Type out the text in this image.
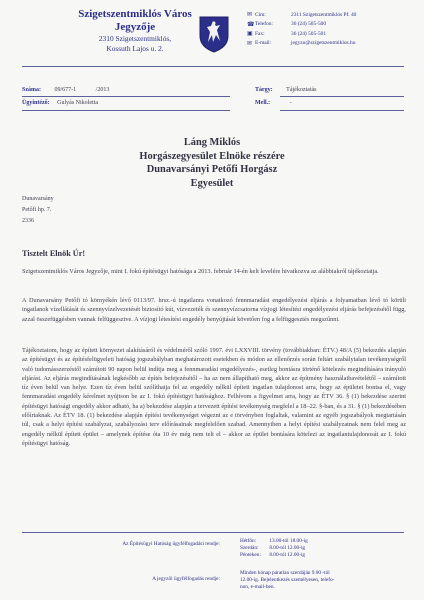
Szigetszentmiklós Város
Jegyzője
2310 Szigetszentmiklós,
Kossuth Lajos u. 2.
✉ Cím:	2311 Szigetszentmiklós Pf. 40
☎ Telefon:	36 (24) 505-500
▣ Fax:	36 (24) 505-501
✉ E-mail:	jegyzo@szigetszentmiklos.hu
Száma: 09/677-1	/2013	Tárgy: Tájékoztatás
Ügyintéző: Gulyás Nikoletta	Mell.:	-
Láng Miklós
Horgászegyesület Elnöke részére
Dunavarsányi Petőfi Horgász
Egyesület
Dunavarsány
Petőfi hp. 7.
2336
Tisztelt Elnök Úr!
Szigetszentmiklós Város Jegyzője, mint I. fokú építésügyi hatósága a 2013. február 14-én kelt levelére hivatkozva az alábbiakról tájékoztatja.
A Dunavarsány Petőfi tó környékén lévő 0113/97. hrsz.-ú ingatlanra vonatkozó fennmaradási engedélyezési eljárás a folyamatban lévő tó körüli ingatlanok vízellátását és szennyvízelvezetését biztosító kút, vízvezeték és szennyvízcsatorna vízjogi létesítési engedélyezési eljárás befejezésétől függ, azzal összefüggésben vannak felfüggesztve. A vízjogi létesítési engedély benyújtását követően fog a felfüggesztés megszűnni.
Tájékoztatom, hogy az épített környezet alakításáról és védelméről szóló 1997. évi LXXVIII. törvény (továbbiakban: ÉTV.) 48/A (5) bekezdés alapján az építésügyi és az építésfelügyeleti hatóság jogszabályban meghatározott esetekben és módon az ellenőrzés során feltárt szabálytalan tevékenységről való tudomásszerzéstől számított 90 napon belül indítja meg a fennmaradási engedélyezés-, esetleg bontásra történő kötelezés megindítására irányuló eljárást. Az eljárás megindításának legkésőbb az építés befejezésétől – ha az nem állapítható meg, akkor az építmény használatbavételétől – számított tíz éven belül van helye. Ezen tíz éven belül szólíthatja fel az engedély nélkül épített ingatlan tulajdonost arra, hogy az épületet bontsa el, vagy fennmaradási engedély kérelmet nyújtson be az I. fokú építésügyi hatósághoz. Felhívom a figyelmet arra, hogy az ÉTV 36. § (1) bekezdése szerint építésügyi hatósági engedély akkor adható, ha a) bekezdése alapján a tervezett építési tevékenység megfelel a 18–22. §-ban, és a 31. § (1) bekezdésében előírtaknak. Az ÉTV 18. (1) bekezdése alapján építési tevékenységet végezni az e törvényben foglaltak, valamint az egyéb jogszabályok megtartásán túl, csak a helyi építési szabályzat, szabályozási terv előírásainak megfelelően szabad. Amennyiben a helyi építési szabályzatnak nem felel meg az engedély nélkül épített épület – amelynek építése óta 10 év még nem telt el – akkor az épület bontására kötelezi az ingatlantulajdonosát az I. fokú építésügyi hatóság.
Az Építésügyi Hatóság ügyfélfogadási rendje:	Hétfőn: 13.00-tól 18.00-ig
Szerdán: 8.00-tól 12.00-ig
Pénteken: 8.00-tól 12.00-ig
A jegyzői ügyfélfogadás rendje:
Minden hónap páratlan szerdáján 9.00 -tól
12.00-ig. Bejelentkezés személyesen, telefo-
non, e-mail-ben.
